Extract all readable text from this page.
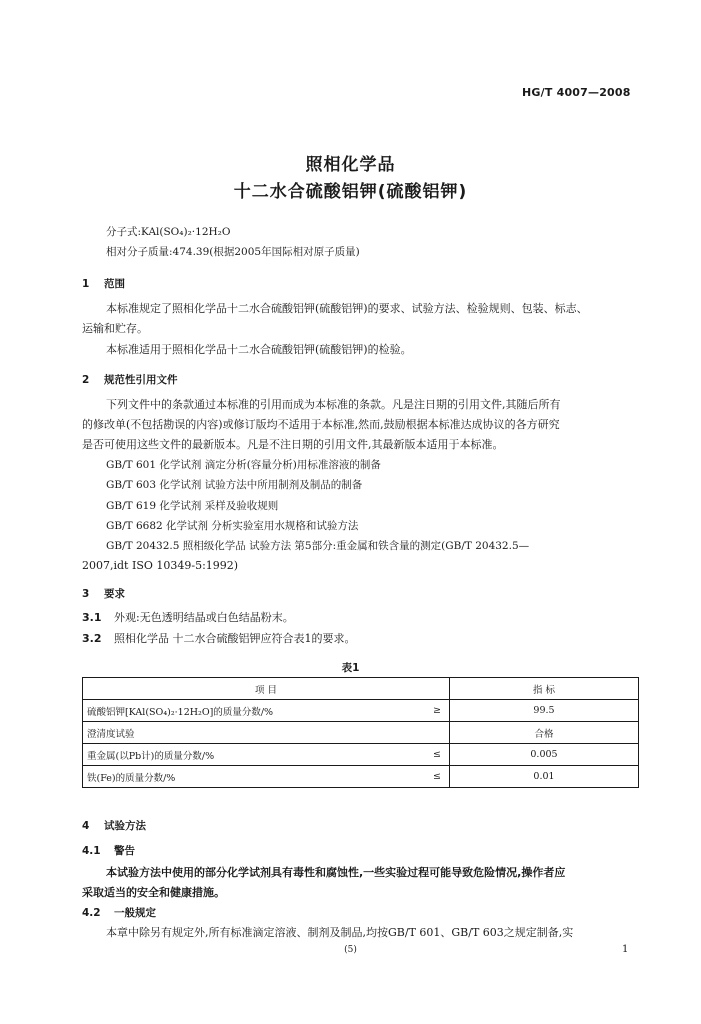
HG/T 4007—2008
照相化学品
十二水合硫酸铝钾(硫酸铝钾)
分子式:KAl(SO₄)₂·12H₂O
相对分子质量:474.39(根据2005年国际相对原子质量)
1 范围
本标准规定了照相化学品十二水合硫酸铝钾(硫酸铝钾)的要求、试验方法、检验规则、包装、标志、
运输和贮存。
本标准适用于照相化学品十二水合硫酸铝钾(硫酸铝钾)的检验。
2 规范性引用文件
下列文件中的条款通过本标准的引用而成为本标准的条款。凡是注日期的引用文件,其随后所有
的修改单(不包括勘误的内容)或修订版均不适用于本标准,然而,鼓励根据本标准达成协议的各方研究
是否可使用这些文件的最新版本。凡是不注日期的引用文件,其最新版本适用于本标准。
GB/T 601 化学试剂 滴定分析(容量分析)用标准溶液的制备
GB/T 603 化学试剂 试验方法中所用制剂及制品的制备
GB/T 619 化学试剂 采样及验收规则
GB/T 6682 化学试剂 分析实验室用水规格和试验方法
GB/T 20432.5 照相级化学品 试验方法 第5部分:重金属和铁含量的测定(GB/T 20432.5—
2007,idt ISO 10349-5:1992)
3 要求
3.1 外观:无色透明结晶或白色结晶粉末。
3.2 照相化学品 十二水合硫酸铝钾应符合表1的要求。
表1
项 目		指 标
硫酸铝钾[KAl(SO₄)₂·12H₂O]的质量分数/%	≥	99.5
澄清度试验		合格
重金属(以Pb计)的质量分数/%	≤	0.005
铁(Fe)的质量分数/%	≤	0.01
4 试验方法
4.1 警告
本试验方法中使用的部分化学试剂具有毒性和腐蚀性,一些实验过程可能导致危险情况,操作者应
采取适当的安全和健康措施。
4.2 一般规定
本章中除另有规定外,所有标准滴定溶液、制剂及制品,均按GB/T 601、GB/T 603之规定制备,实
(5)	1
